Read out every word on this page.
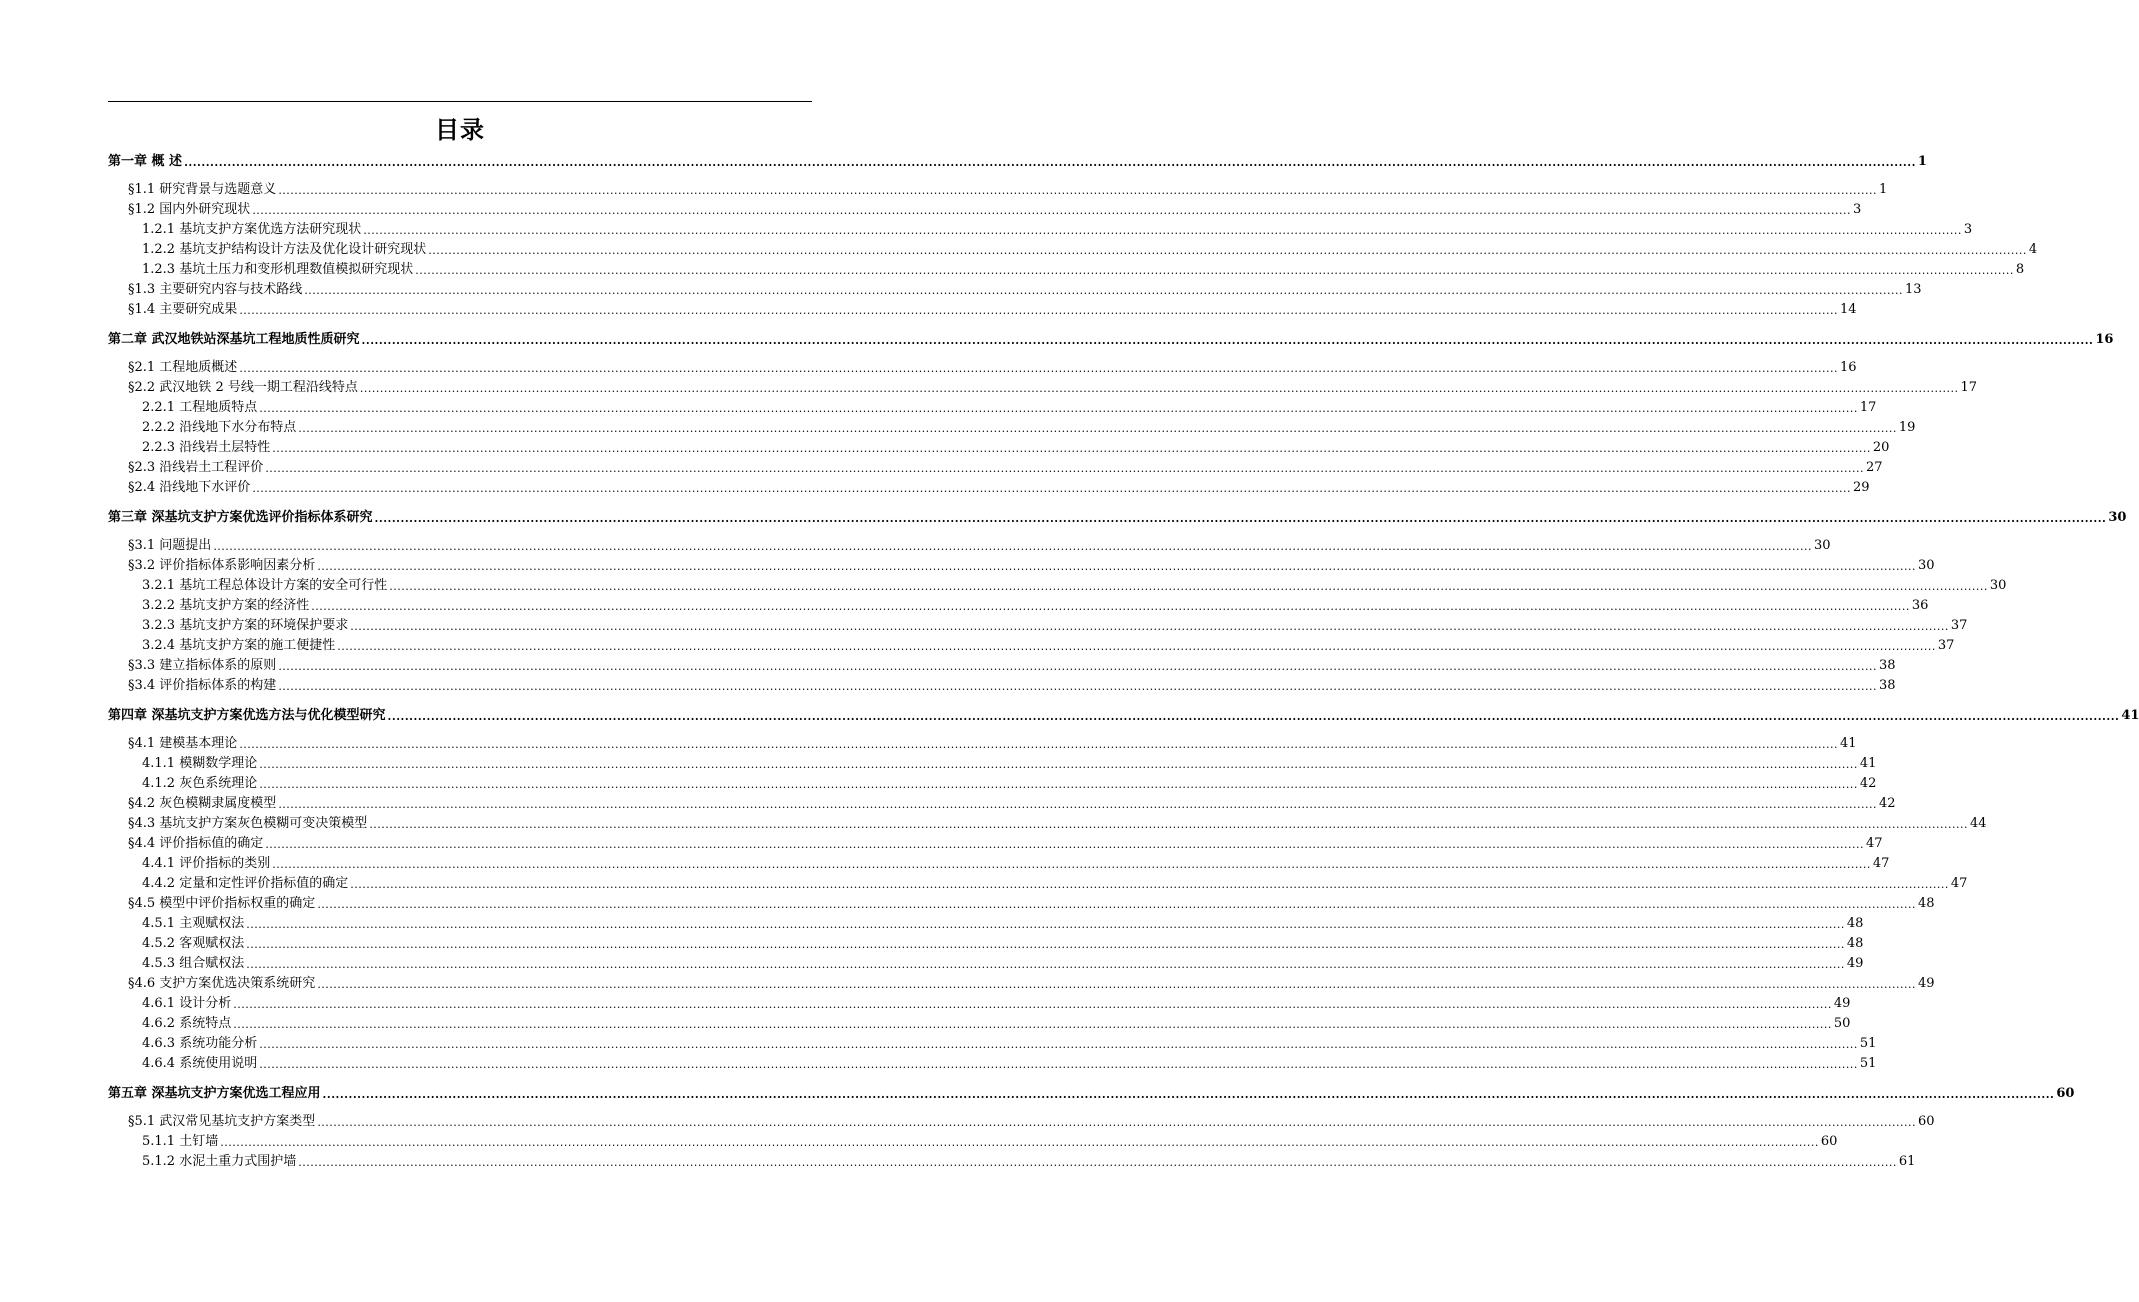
目录
第一章 概 述 ................................................................................................................................................................................................................................................................................................................................................................................................................ 1
§1.1 研究背景与选题意义 ................................................................................................................................................................................................................................................................................................................................................................................................................ 1
§1.2 国内外研究现状 ................................................................................................................................................................................................................................................................................................................................................................................................................ 3
1.2.1 基坑支护方案优选方法研究现状 ................................................................................................................................................................................................................................................................................................................................................................................................................ 3
1.2.2 基坑支护结构设计方法及优化设计研究现状 ................................................................................................................................................................................................................................................................................................................................................................................................................ 4
1.2.3 基坑土压力和变形机理数值模拟研究现状 ................................................................................................................................................................................................................................................................................................................................................................................................................ 8
§1.3 主要研究内容与技术路线 ................................................................................................................................................................................................................................................................................................................................................................................................................ 13
§1.4 主要研究成果 ................................................................................................................................................................................................................................................................................................................................................................................................................ 14
第二章 武汉地铁站深基坑工程地质性质研究 ................................................................................................................................................................................................................................................................................................................................................................................................................ 16
§2.1 工程地质概述 ................................................................................................................................................................................................................................................................................................................................................................................................................ 16
§2.2 武汉地铁 2 号线一期工程沿线特点 ................................................................................................................................................................................................................................................................................................................................................................................................................ 17
2.2.1 工程地质特点 ................................................................................................................................................................................................................................................................................................................................................................................................................ 17
2.2.2 沿线地下水分布特点 ................................................................................................................................................................................................................................................................................................................................................................................................................ 19
2.2.3 沿线岩土层特性 ................................................................................................................................................................................................................................................................................................................................................................................................................ 20
§2.3 沿线岩土工程评价 ................................................................................................................................................................................................................................................................................................................................................................................................................ 27
§2.4 沿线地下水评价 ................................................................................................................................................................................................................................................................................................................................................................................................................ 29
第三章 深基坑支护方案优选评价指标体系研究 ................................................................................................................................................................................................................................................................................................................................................................................................................ 30
§3.1 问题提出 ................................................................................................................................................................................................................................................................................................................................................................................................................ 30
§3.2 评价指标体系影响因素分析 ................................................................................................................................................................................................................................................................................................................................................................................................................ 30
3.2.1 基坑工程总体设计方案的安全可行性 ................................................................................................................................................................................................................................................................................................................................................................................................................ 30
3.2.2 基坑支护方案的经济性 ................................................................................................................................................................................................................................................................................................................................................................................................................ 36
3.2.3 基坑支护方案的环境保护要求 ................................................................................................................................................................................................................................................................................................................................................................................................................ 37
3.2.4 基坑支护方案的施工便捷性 ................................................................................................................................................................................................................................................................................................................................................................................................................ 37
§3.3 建立指标体系的原则 ................................................................................................................................................................................................................................................................................................................................................................................................................ 38
§3.4 评价指标体系的构建 ................................................................................................................................................................................................................................................................................................................................................................................................................ 38
第四章 深基坑支护方案优选方法与优化模型研究 ................................................................................................................................................................................................................................................................................................................................................................................................................ 41
§4.1 建模基本理论 ................................................................................................................................................................................................................................................................................................................................................................................................................ 41
4.1.1 模糊数学理论 ................................................................................................................................................................................................................................................................................................................................................................................................................ 41
4.1.2 灰色系统理论 ................................................................................................................................................................................................................................................................................................................................................................................................................ 42
§4.2 灰色模糊隶属度模型 ................................................................................................................................................................................................................................................................................................................................................................................................................ 42
§4.3 基坑支护方案灰色模糊可变决策模型 ................................................................................................................................................................................................................................................................................................................................................................................................................ 44
§4.4 评价指标值的确定 ................................................................................................................................................................................................................................................................................................................................................................................................................ 47
4.4.1 评价指标的类别 ................................................................................................................................................................................................................................................................................................................................................................................................................ 47
4.4.2 定量和定性评价指标值的确定 ................................................................................................................................................................................................................................................................................................................................................................................................................ 47
§4.5 模型中评价指标权重的确定 ................................................................................................................................................................................................................................................................................................................................................................................................................ 48
4.5.1 主观赋权法 ................................................................................................................................................................................................................................................................................................................................................................................................................ 48
4.5.2 客观赋权法 ................................................................................................................................................................................................................................................................................................................................................................................................................ 48
4.5.3 组合赋权法 ................................................................................................................................................................................................................................................................................................................................................................................................................ 49
§4.6 支护方案优选决策系统研究 ................................................................................................................................................................................................................................................................................................................................................................................................................ 49
4.6.1 设计分析 ................................................................................................................................................................................................................................................................................................................................................................................................................ 49
4.6.2 系统特点 ................................................................................................................................................................................................................................................................................................................................................................................................................ 50
4.6.3 系统功能分析 ................................................................................................................................................................................................................................................................................................................................................................................................................ 51
4.6.4 系统使用说明 ................................................................................................................................................................................................................................................................................................................................................................................................................ 51
第五章 深基坑支护方案优选工程应用 ................................................................................................................................................................................................................................................................................................................................................................................................................ 60
§5.1 武汉常见基坑支护方案类型 ................................................................................................................................................................................................................................................................................................................................................................................................................ 60
5.1.1 土钉墙 ................................................................................................................................................................................................................................................................................................................................................................................................................ 60
5.1.2 水泥土重力式围护墙 ................................................................................................................................................................................................................................................................................................................................................................................................................ 61
